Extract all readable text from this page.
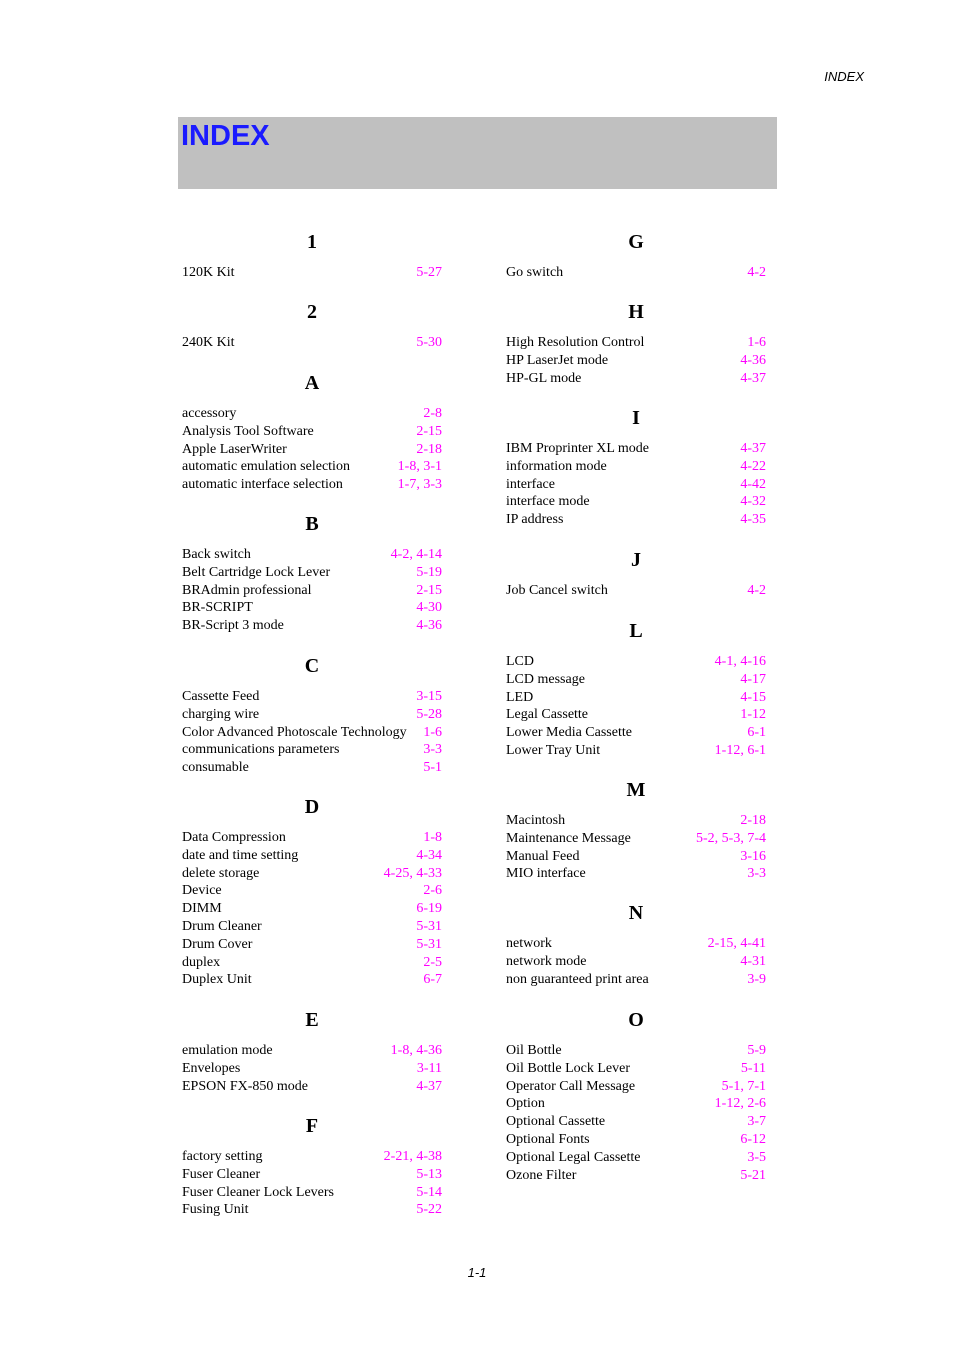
INDEX
INDEX
1
120K Kit	5-27
2
240K Kit	5-30
A
accessory	2-8
Analysis Tool Software	2-15
Apple LaserWriter	2-18
automatic emulation selection	1-8, 3-1
automatic interface selection	1-7, 3-3
B
Back switch	4-2, 4-14
Belt Cartridge Lock Lever	5-19
BRAdmin professional	2-15
BR-SCRIPT	4-30
BR-Script 3 mode	4-36
C
Cassette Feed	3-15
charging wire	5-28
Color Advanced Photoscale Technology 1-6
communications parameters	3-3
consumable	5-1
D
Data Compression	1-8
date and time setting	4-34
delete storage	4-25, 4-33
Device	2-6
DIMM	6-19
Drum Cleaner	5-31
Drum Cover	5-31
duplex	2-5
Duplex Unit	6-7
E
emulation mode	1-8, 4-36
Envelopes	3-11
EPSON FX-850 mode	4-37
F
factory setting	2-21, 4-38
Fuser Cleaner	5-13
Fuser Cleaner Lock Levers	5-14
Fusing Unit	5-22
G
Go switch	4-2
H
High Resolution Control	1-6
HP LaserJet mode	4-36
HP-GL mode	4-37
I
IBM Proprinter XL mode	4-37
information mode	4-22
interface	4-42
interface mode	4-32
IP address	4-35
J
Job Cancel switch	4-2
L
LCD	4-1, 4-16
LCD message	4-17
LED	4-15
Legal Cassette	1-12
Lower Media Cassette	6-1
Lower Tray Unit	1-12, 6-1
M
Macintosh	2-18
Maintenance Message	5-2, 5-3, 7-4
Manual Feed	3-16
MIO interface	3-3
N
network	2-15, 4-41
network mode	4-31
non guaranteed print area	3-9
O
Oil Bottle	5-9
Oil Bottle Lock Lever	5-11
Operator Call Message	5-1, 7-1
Option	1-12, 2-6
Optional Cassette	3-7
Optional Fonts	6-12
Optional Legal Cassette	3-5
Ozone Filter	5-21
1-1
